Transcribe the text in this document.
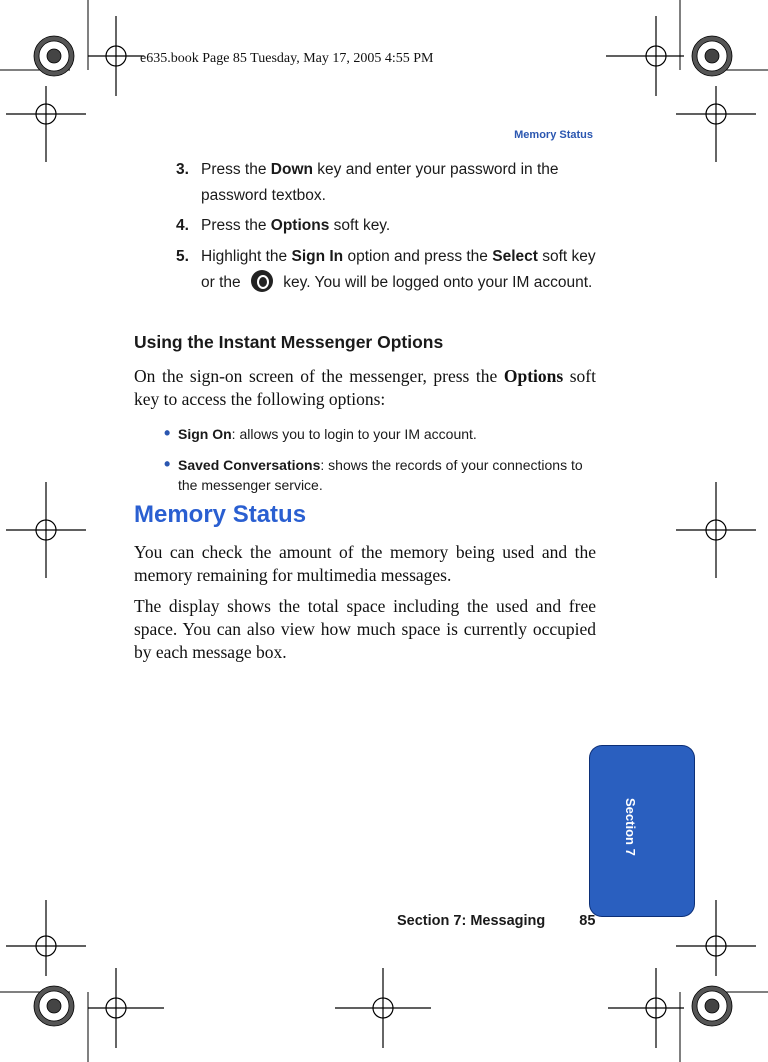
e635.book Page 85 Tuesday, May 17, 2005 4:55 PM
Memory Status
3. Press the Down key and enter your password in the password textbox.
4. Press the Options soft key.
5. Highlight the Sign In option and press the Select soft key or the  key. You will be logged onto your IM account.
Using the Instant Messenger Options
On the sign-on screen of the messenger, press the Options soft key to access the following options:
• Sign On: allows you to login to your IM account.
• Saved Conversations: shows the records of your connections to the messenger service.
Memory Status
You can check the amount of the memory being used and the memory remaining for multimedia messages.
The display shows the total space including the used and free space. You can also view how much space is currently occupied by each message box.
Section 7
Section 7: Messaging 85
